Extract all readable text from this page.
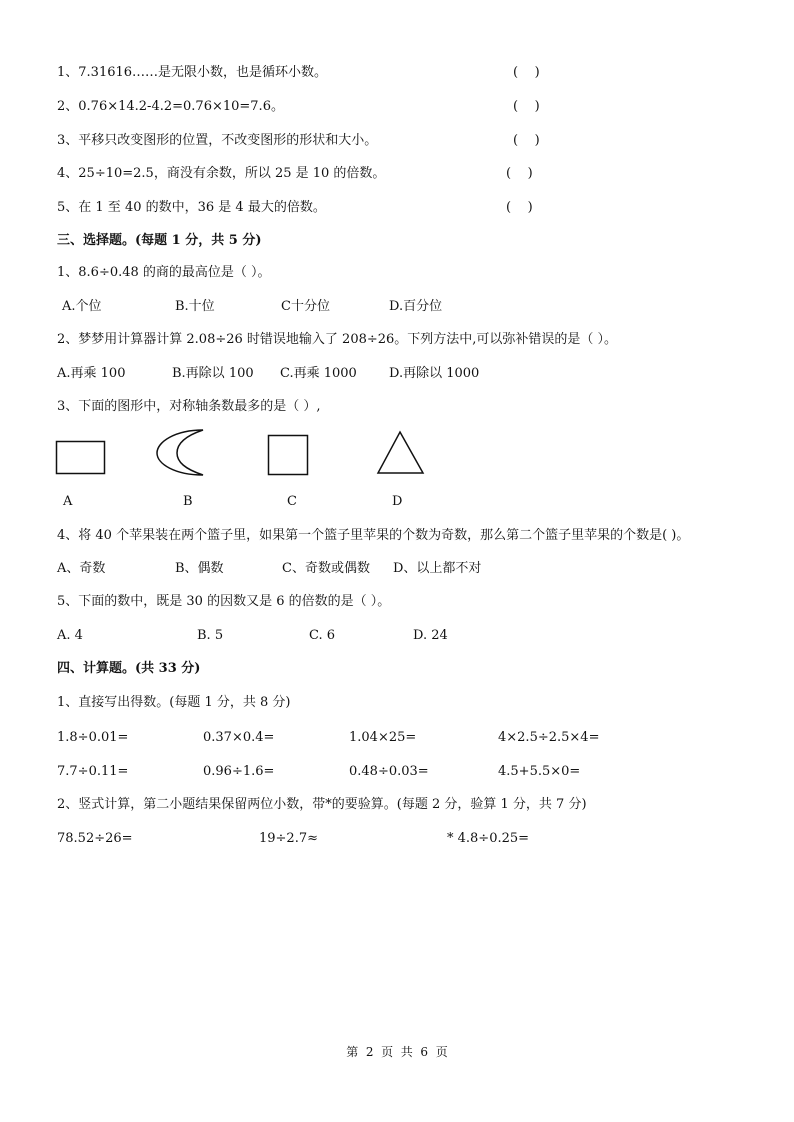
1、7.31616……是无限小数，也是循环小数。	(    )
2、0.76×14.2-4.2=0.76×10=7.6。	(    )
3、平移只改变图形的位置，不改变图形的形状和大小。	(    )
4、25÷10=2.5，商没有余数，所以 25 是 10 的倍数。	(    )
5、在 1 至 40 的数中，36 是 4 最大的倍数。	(    )
三、选择题。(每题 1 分，共 5 分)
1、8.6÷0.48 的商的最高位是（ ）。
A.个位	B.十位	C十分位	D.百分位
2、梦梦用计算器计算 2.08÷26 时错误地输入了 208÷26。下列方法中,可以弥补错误的是（ ）。
A.再乘 100	B.再除以 100 C.再乘 1000 D.再除以 1000
3、下面的图形中，对称轴条数最多的是（ ）,
A	B	C	D
4、将 40 个苹果装在两个篮子里，如果第一个篮子里苹果的个数为奇数，那么第二个篮子里苹果的个数是( )。
A、奇数	B、偶数	C、奇数或偶数 D、以上都不对
5、下面的数中，既是 30 的因数又是 6 的倍数的是（ ）。
A. 4	B. 5	C. 6	D. 24
四、计算题。(共 33 分)
1、直接写出得数。(每题 1 分，共 8 分)
1.8÷0.01=	0.37×0.4=	1.04×25=	4×2.5÷2.5×4=
7.7÷0.11=	0.96÷1.6=	0.48÷0.03=	4.5+5.5×0=
2、竖式计算，第二小题结果保留两位小数，带*的要验算。(每题 2 分，验算 1 分，共 7 分)
78.52÷26=	19÷2.7≈	* 4.8÷0.25=
第  2  页  共  6  页
